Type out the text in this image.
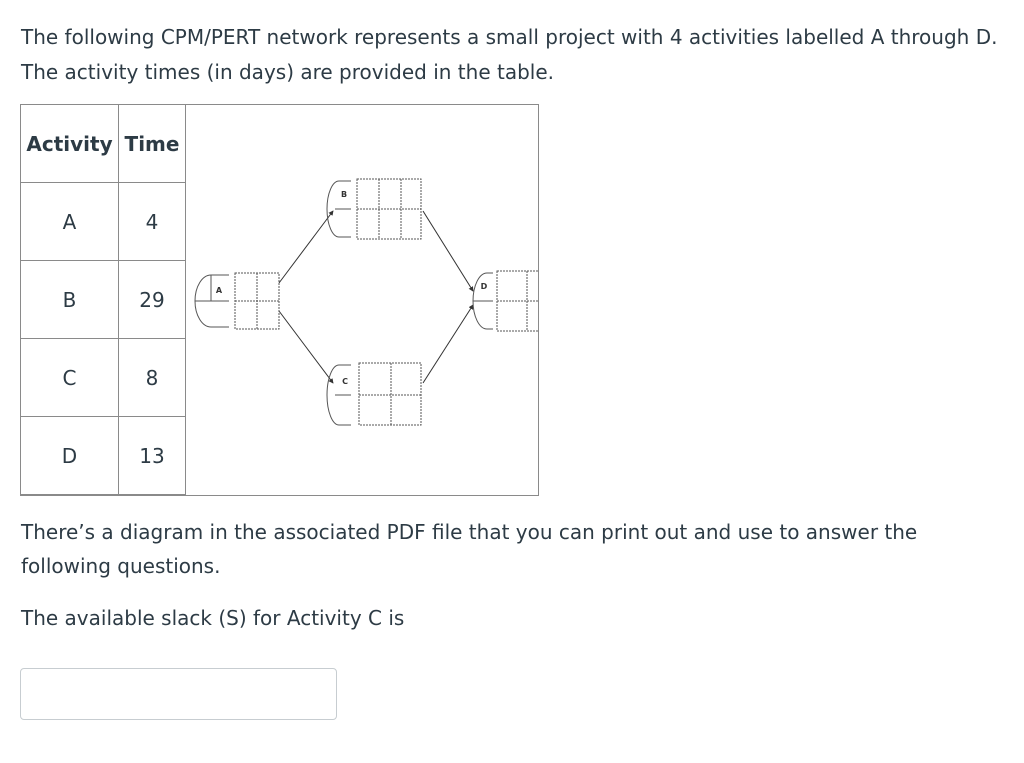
The following CPM/PERT network represents a small project with 4 activities labelled A through D. The activity times (in days) are provided in the table.

Activity	Time
A	4
B	29
C	8
D	13
A
B
C
D

There’s a diagram in the associated PDF file that you can print out and use to answer the following questions.

The available slack (S) for Activity C is
